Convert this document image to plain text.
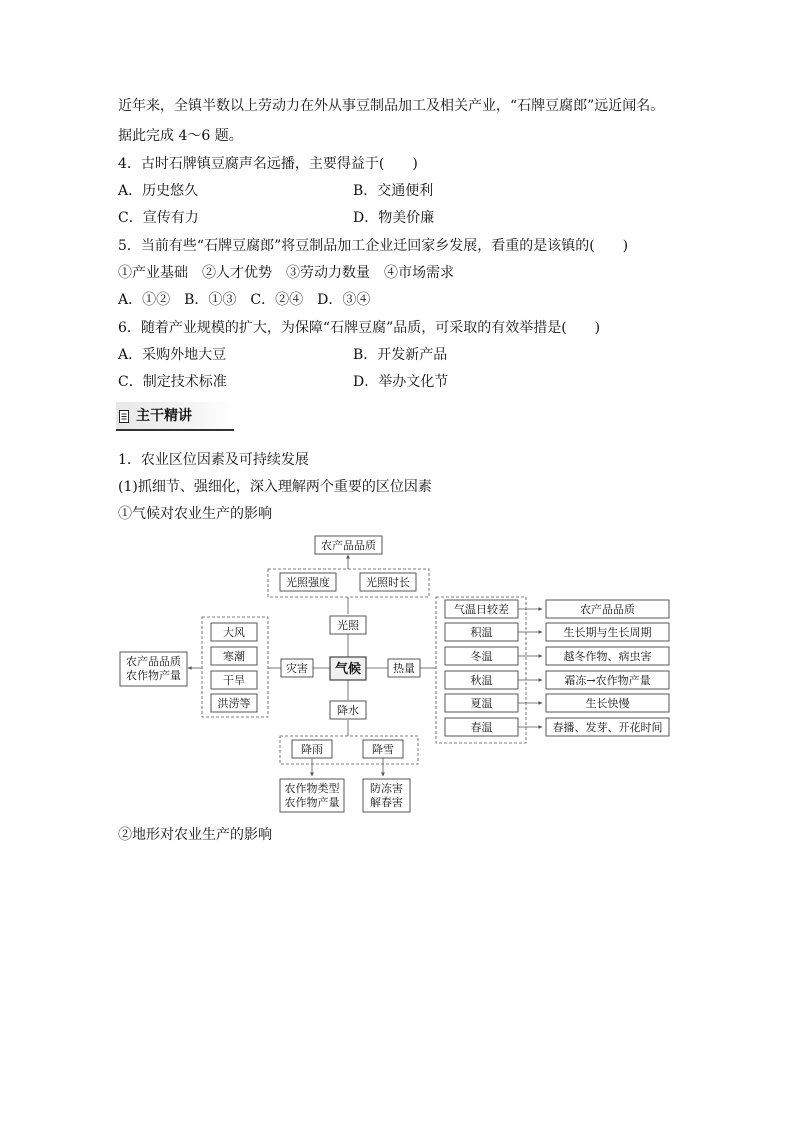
近年来，全镇半数以上劳动力在外从事豆制品加工及相关产业，“石牌豆腐郎”远近闻名。
据此完成 4～6 题。
4．古时石牌镇豆腐声名远播，主要得益于(　　)
A．历史悠久	B．交通便利
C．宣传有力	D．物美价廉
5．当前有些“石牌豆腐郎”将豆制品加工企业迁回家乡发展，看重的是该镇的(　　)
①产业基础　②人才优势　③劳动力数量　④市场需求
A．①②　B．①③　C．②④　D．③④
6．随着产业规模的扩大，为保障“石牌豆腐”品质，可采取的有效举措是(　　)
A．采购外地大豆	B．开发新产品
C．制定技术标准	D．举办文化节
主干精讲
1．农业区位因素及可持续发展
(1)抓细节、强细化，深入理解两个重要的区位因素
①气候对农业生产的影响
②地形对农业生产的影响
农产品品质
光照强度	光照时长
光照
气候
降水
灾害	热量
大风
寒潮
干旱
洪涝等
农产品品质
农作物产量
气温日较差
积温
冬温
秋温
夏温
春温
农产品品质
生长期与生长周期
越冬作物、病虫害
霜冻→农作物产量
生长快慢
春播、发芽、开花时间
降雨	降雪
农作物类型
农作物产量
防冻害
解春害
